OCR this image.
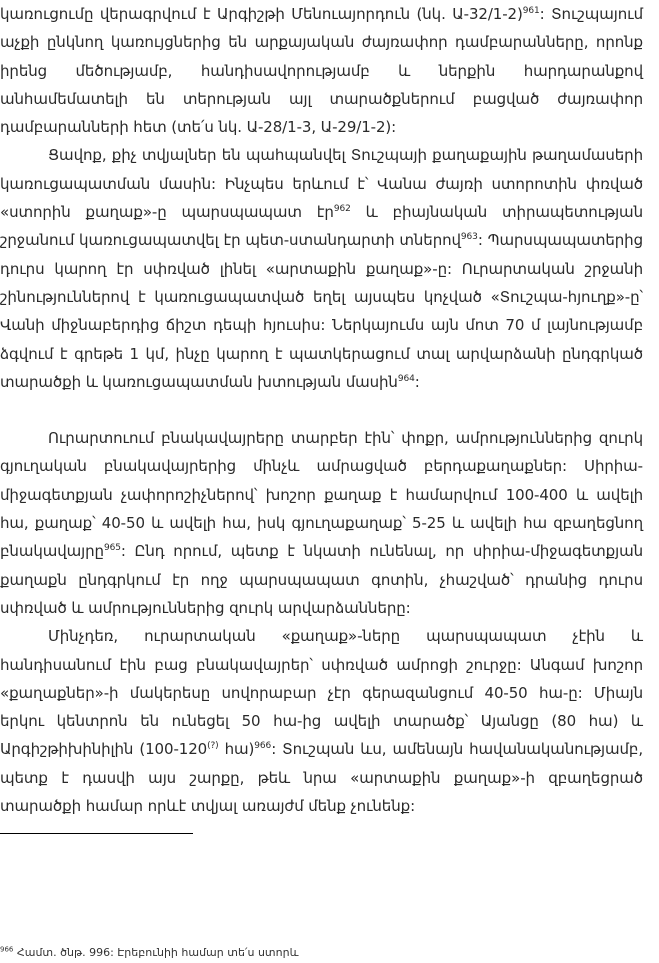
կառուցումը վերագրվում է Արգիշթի Մենուայորդուն (նկ. Ա-32/1-2)$^{961}$: Տուշպայում աչքի ընկնող կառույցներից են արքայական ժայռափոր դամբարանները, որոնք իրենց մեծությամբ, հանդիսավորությամբ և ներքին հարդարանքով անհամեմատելի են տերության այլ տարածքներում բացված ժայռափոր դամբարանների հետ (տե՛ս նկ. Ա-28/1-3, Ա-29/1-2):

Ցավոք, քիչ տվյալներ են պահպանվել Տուշպայի քաղաքային թաղամասերի կառուցապատման մասին: Ինչպես երևում է՝ Վանա ժայռի ստորոտին փռված «ստորին քաղաք»-ը պարսպապատ էր$^{962}$ և բիայնական տիրապետության շրջանում կառուցապատվել էր պետ-ստանդարտի տներով$^{963}$: Պարսպապատերից դուրս կարող էր սփռված լինել «արտաքին քաղաք»-ը: Ուրարտական շրջանի շինություններով է կառուցապատված եղել այսպես կոչված «Տուշպա-հյուղք»-ը՝ Վանի միջնաբերդից ճիշտ դեպի հյուսիս: Ներկայումս այն մոտ 70 մ լայնությամբ ձգվում է գրեթե 1 կմ, ինչը կարող է պատկերացում տալ արվարձանի ընդգրկած տարածքի և կառուցապատման խտության մասին$^{964}$:

Ուրարտուում բնակավայրերը տարբեր էին՝ փոքր, ամրություններից զուրկ գյուղական բնակավայրերից մինչև ամրացված բերդաքաղաքներ: Սիրիա-միջագետքյան չափորոշիչներով՝ խոշոր քաղաք է համարվում 100-400 և ավելի հա, քաղաք՝ 40-50 և ավելի հա, իսկ գյուղաքաղաք՝ 5-25 և ավելի հա զբաղեցնող բնակավայրը$^{965}$: Ընդ որում, պետք է նկատի ունենալ, որ սիրիա-միջագետքյան քաղաքն ընդգրկում էր ողջ պարսպապատ գոտին, չհաշված՝ դրանից դուրս սփռված և ամրություններից զուրկ արվարձանները:

Մինչդեռ, ուրարտական «քաղաք»-ները պարսպապատ չէին և հանդիսանում էին բաց բնակավայրեր՝ սփռված ամրոցի շուրջը: Անգամ խոշոր «քաղաքներ»-ի մակերեսը սովորաբար չէր գերազանցում 40-50 հա-ը: Միայն երկու կենտրոն են ունեցել 50 հա-ից ավելի տարածք՝ Այանցը (80 հա) և Արգիշթիխինիլին (100-120(?) հա)$^{966}$: Տուշպան ևս, ամենայն հավանականությամբ, պետք է դասվի այս շարքը, թեև նրա «արտաքին քաղաք»-ի զբաղեցրած տարածքի համար որևէ տվյալ առայժմ մենք չունենք:

$^{966}$ Համտ. ծնթ. 996: Էրեբունիի համար տե՛ս ստորև
